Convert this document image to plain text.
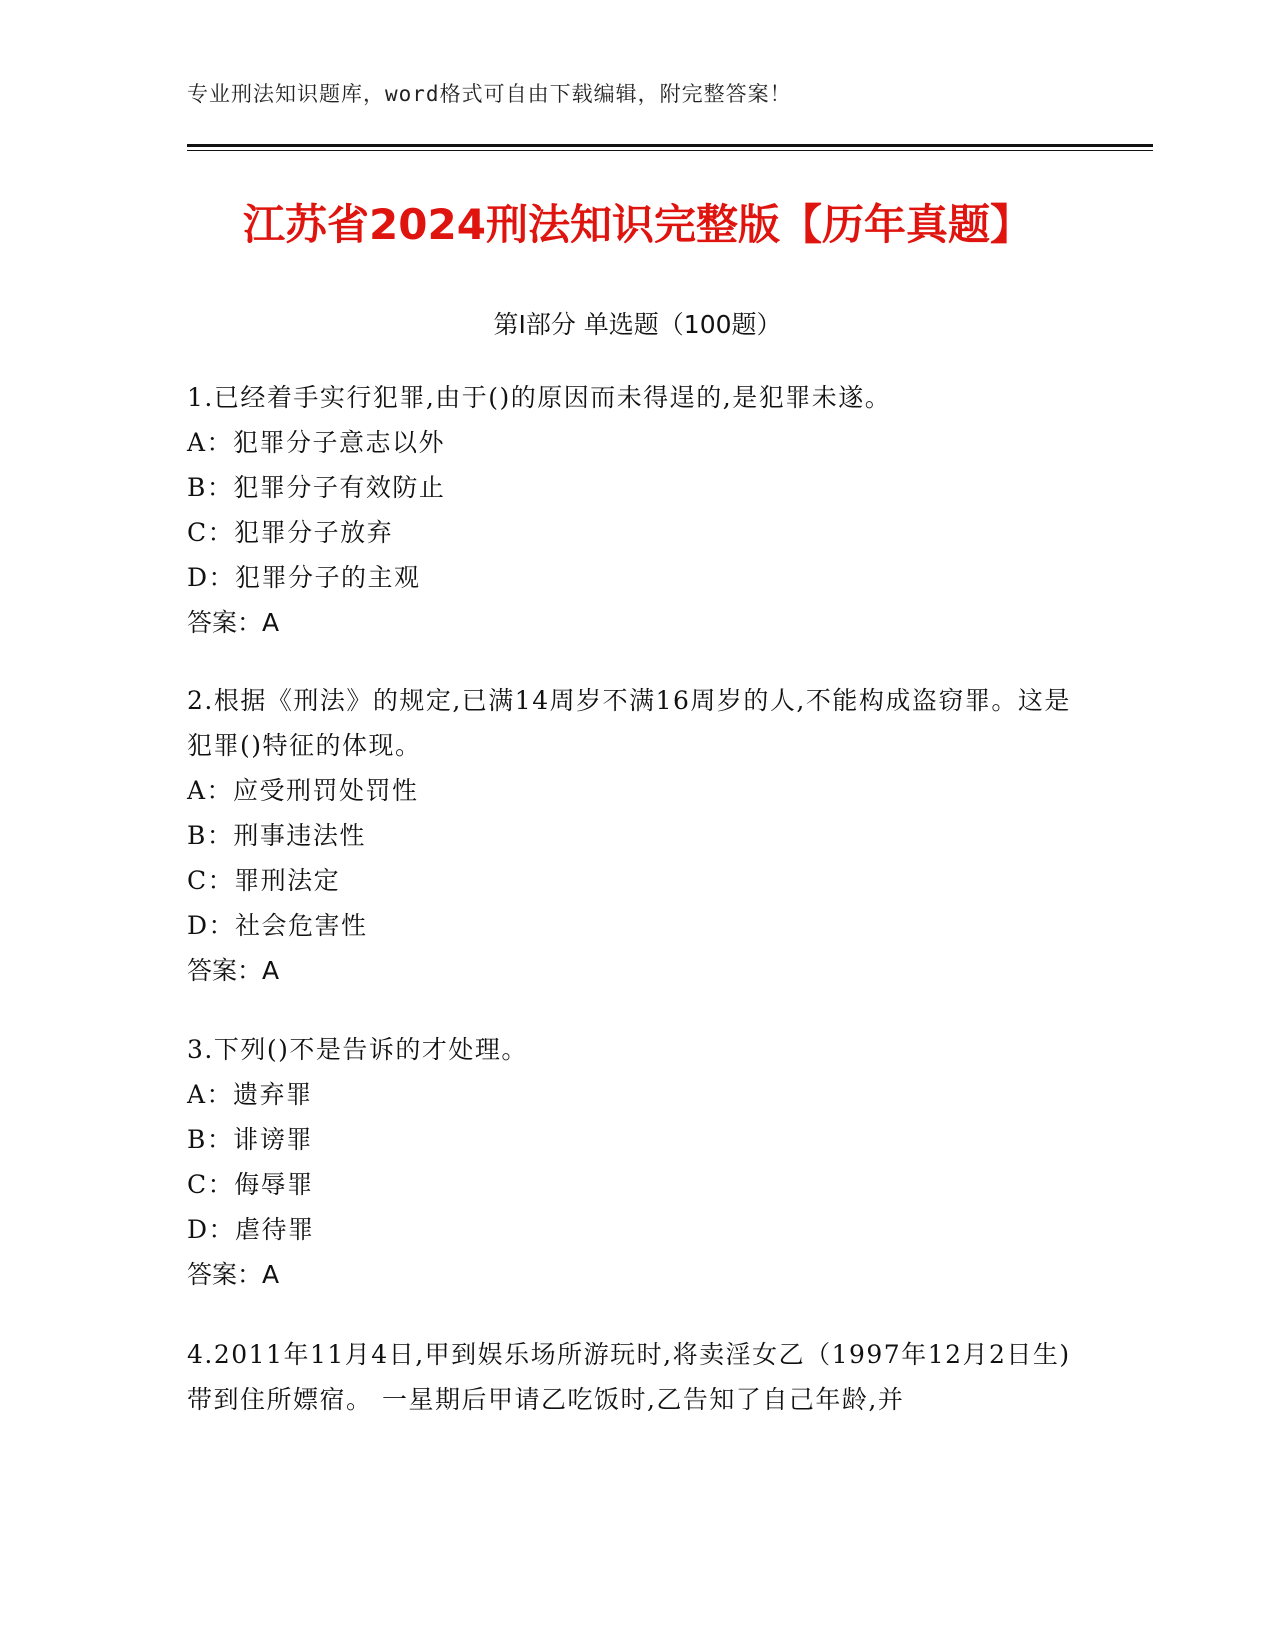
专业刑法知识题库，word格式可自由下载编辑，附完整答案！
江苏省2024刑法知识完整版【历年真题】
第I部分 单选题（100题）

1.已经着手实行犯罪,由于()的原因而未得逞的,是犯罪未遂。

A：犯罪分子意志以外

B：犯罪分子有效防止

C：犯罪分子放弃

D：犯罪分子的主观

答案：A

2.根据《刑法》的规定,已满14周岁不满16周岁的人,不能构成盗窃罪。这是犯罪()特征的体现。

A：应受刑罚处罚性

B：刑事违法性

C：罪刑法定

D：社会危害性

答案：A

3.下列()不是告诉的才处理。

A：遗弃罪

B：诽谤罪

C：侮辱罪

D：虐待罪

答案：A

4.2011年11月4日,甲到娱乐场所游玩时,将卖淫女乙（1997年12月2日生)带到住所嫖宿。 一星期后甲请乙吃饭时,乙告知了自己年龄,并
